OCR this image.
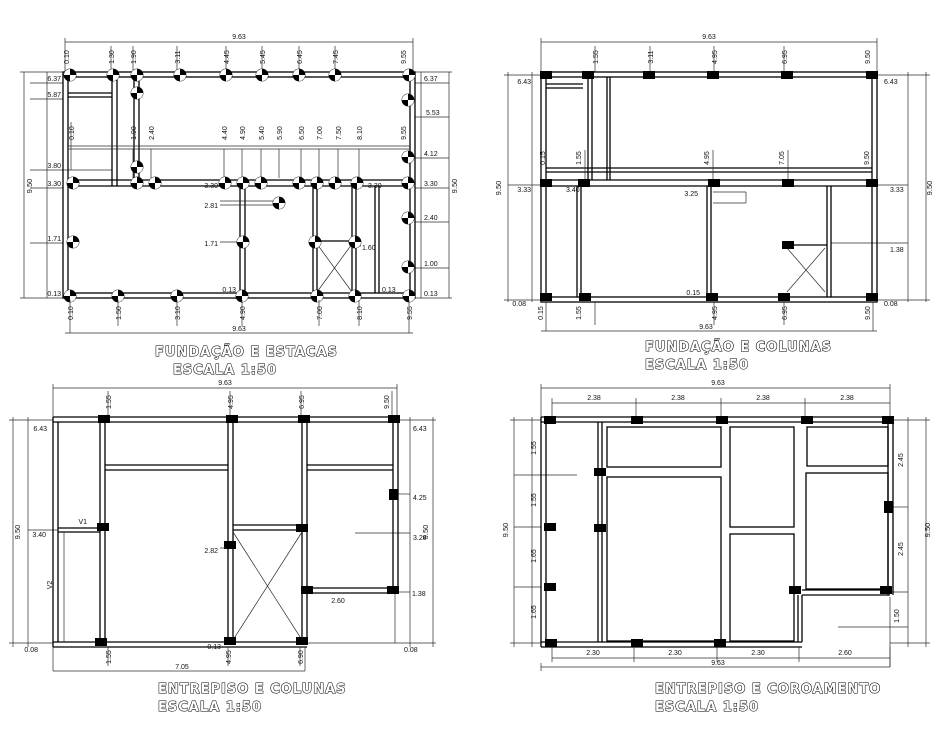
9.63
0.10	1.30 1.90	3.11	4.45	5.45	6.45	7.45	9.55
6.37
5.87
3.80
3.30
1.71
0.13
9.50
6.37
5.53
4.12
3.30
2.40
1.00
0.13
9.50
0.10	1.90 2.40	4.40 4.90 5.40 5.90 6.50 7.00 7.50 8.10	9.55
3.30	3.30
2.81
1.71
1.60
0.13	0.13
0.10	1.50	3.10	4.90	7.00	8.10	9.55
9.63
FUNDAÇÃO E ESTACAS
ESCALA 1:50
9.63
1.55	3.11	4.95	6.95	9.50
6.43
3.33
0.08
9.50
6.43
3.33
1.38
0.08
9.50
0.15	1.55	4.95	7.05	9.50
3.40
3.25
0.15
0.15	1.55	4.95	6.95	9.50
9.63
FUNDAÇÃO E COLUNAS
ESCALA 1:50
9.63
1.55	4.95	6.95	9.50
6.43
3.40
0.08
9.50
6.43
4.25
3.28
1.38
0.08
9.50
V1
V2
2.82
2.60
0.13
1.55	4.95	6.90
7.05
ENTREPISO E COLUNAS
ESCALA 1:50
9.63
2.38	2.38	2.38	2.38
1.55
1.55
1.65
1.65
9.50
2.45
2.45
1.50
9.50
2.30	2.30	2.30	2.60
9.63
ENTREPISO E COROAMENTO
ESCALA 1:50
